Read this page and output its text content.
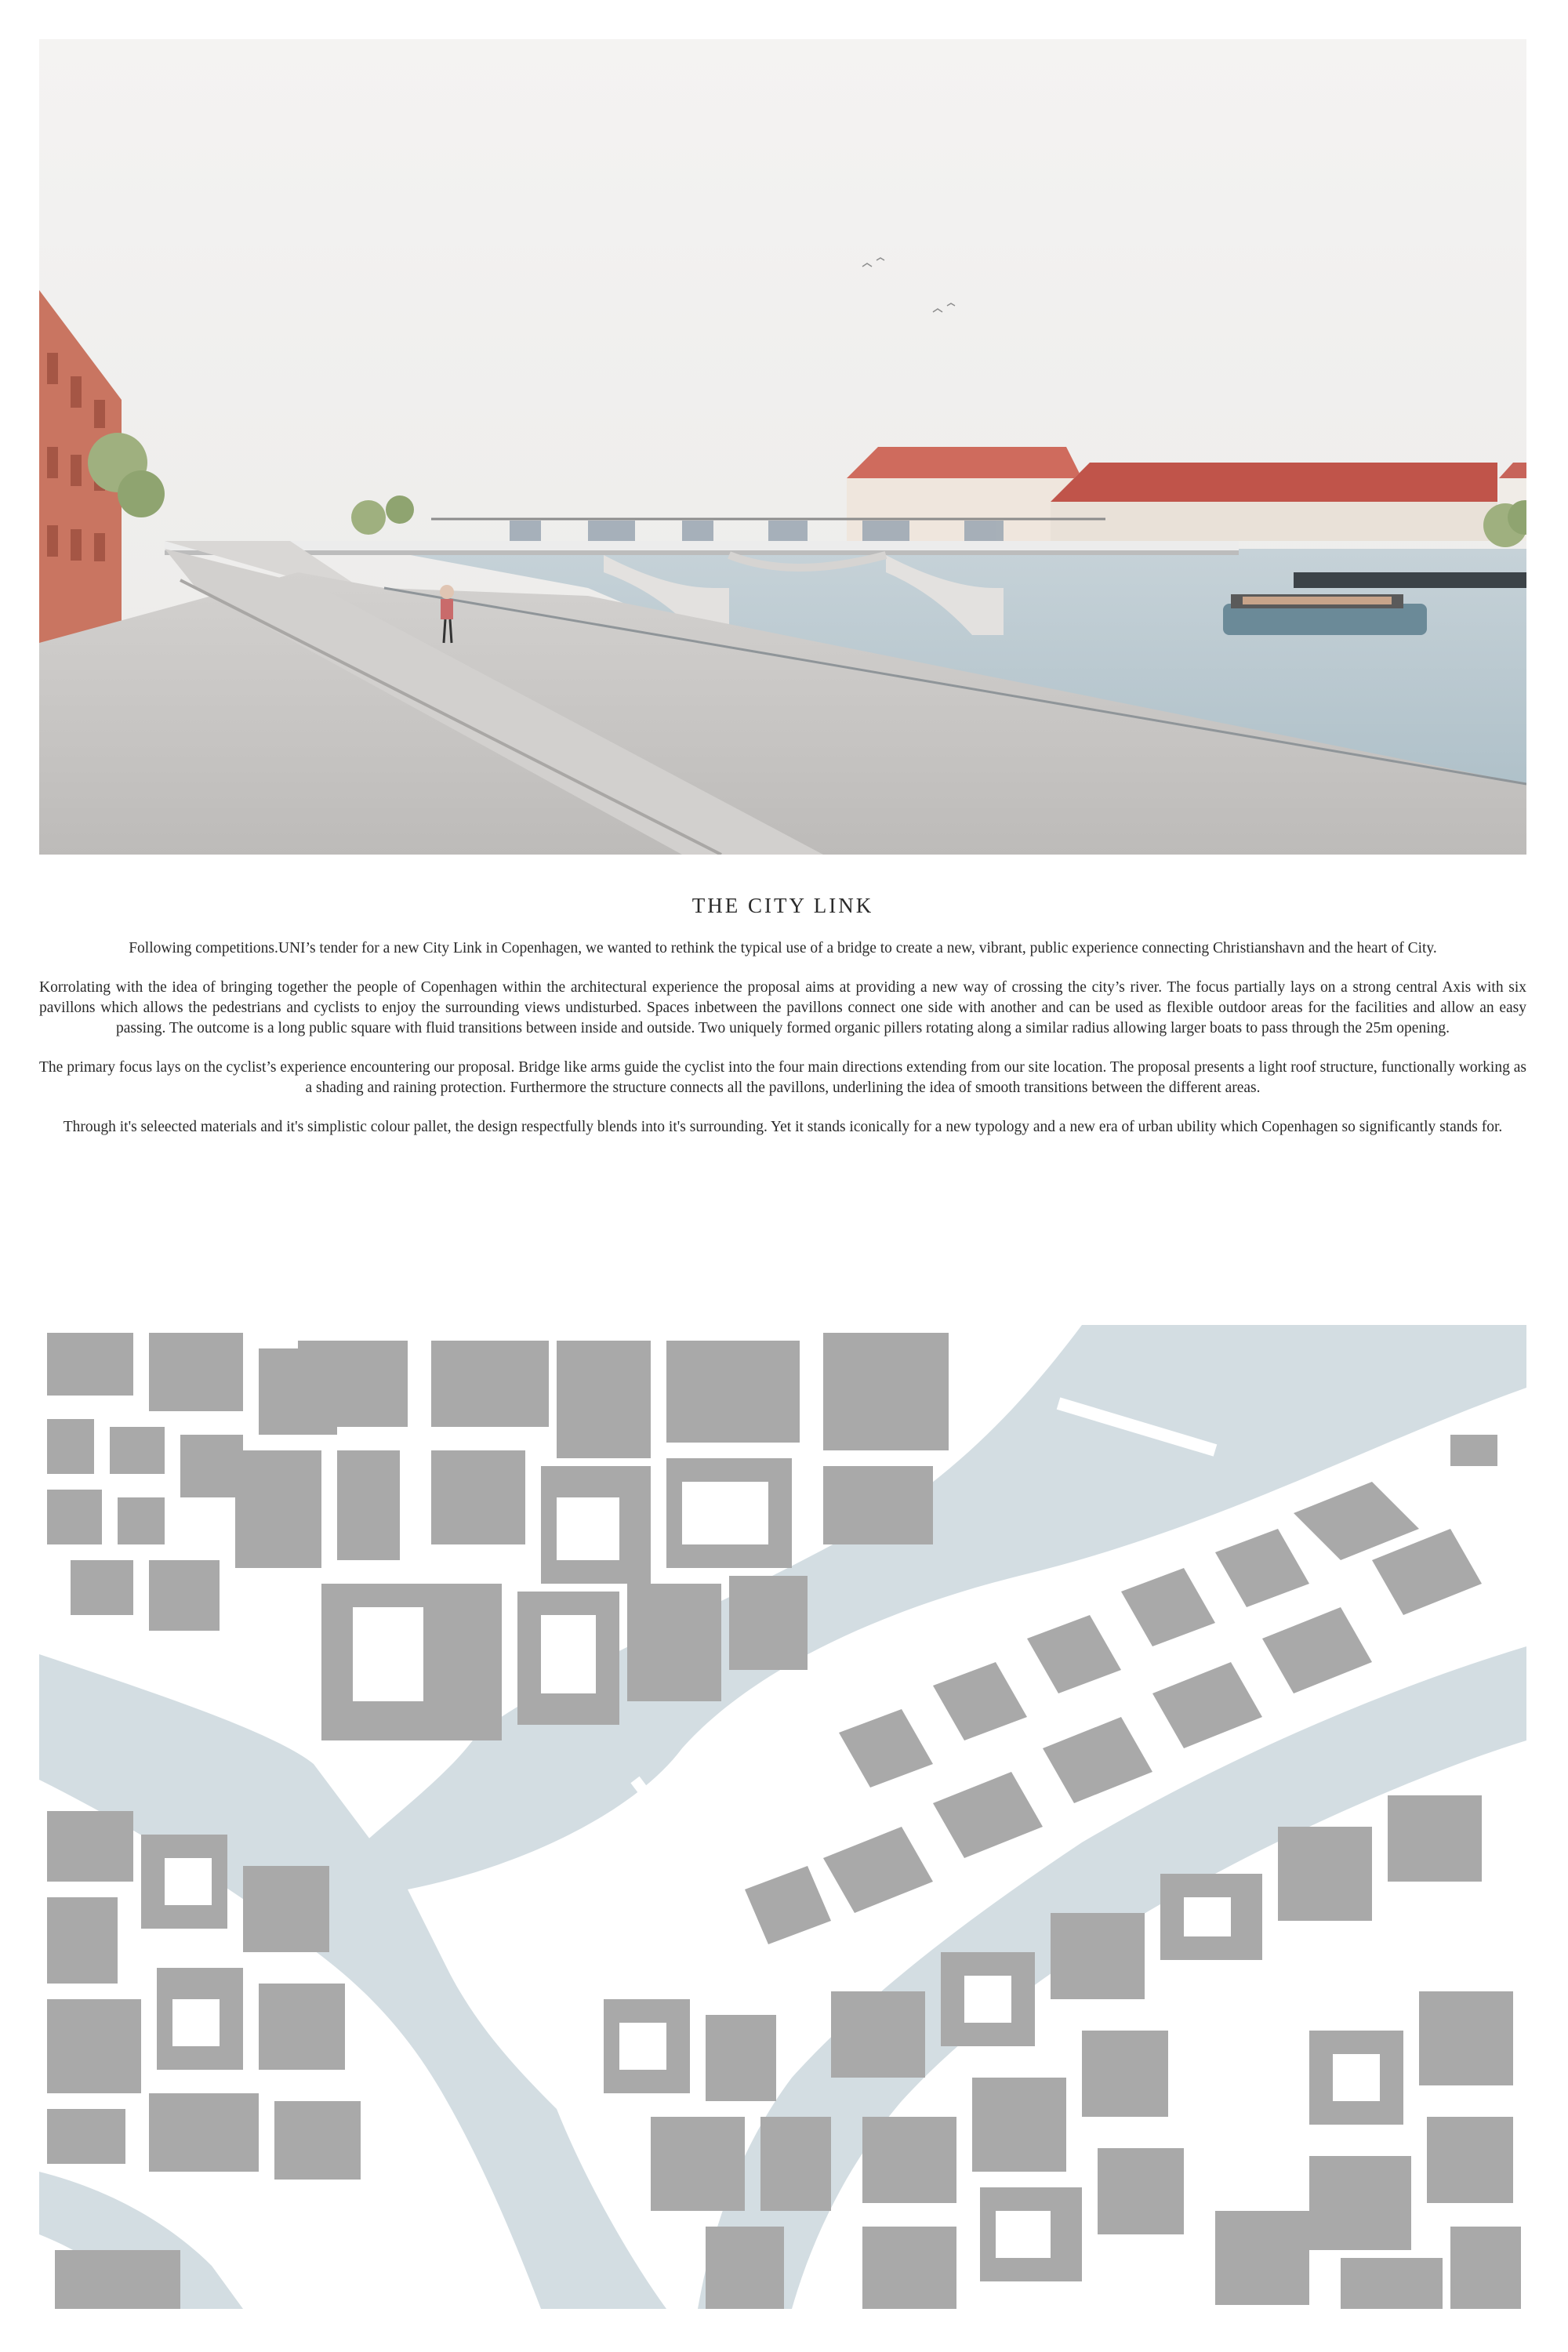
THE CITY LINK

Following competitions.UNI’s tender for a new City Link in Copenhagen, we wanted to rethink the typical use of a bridge to create a new, vibrant, public experience connecting Christianshavn and the heart of City.

Korrolating with the idea of bringing together the people of Copenhagen within the architectural experience the proposal aims at providing a new way of crossing the city’s river. The focus partially lays on a strong central Axis with six pavillons which allows the pedestrians and cyclists to enjoy the surrounding views undisturbed. Spaces inbetween the pavillons connect one side with another and can be used as flexible outdoor areas for the facilities and allow an easy passing. The outcome is a long public square with fluid transitions between inside and outside. Two uniquely formed organic pillers rotating along a similar radius allowing larger boats to pass through the 25m opening.

The primary focus lays on the cyclist’s experience encountering our proposal. Bridge like arms guide the cyclist into the four main directions extending from our site location. The proposal presents a light roof structure, functionally working as a shading and raining protection. Furthermore the structure connects all the pavillons, underlining the idea of smooth transitions between the different areas.

Through it's seleected materials and it's simplistic colour pallet, the design respectfully blends into it's surrounding. Yet it stands iconically for a new typology and a new era of urban ubility which Copenhagen so significantly stands for.
